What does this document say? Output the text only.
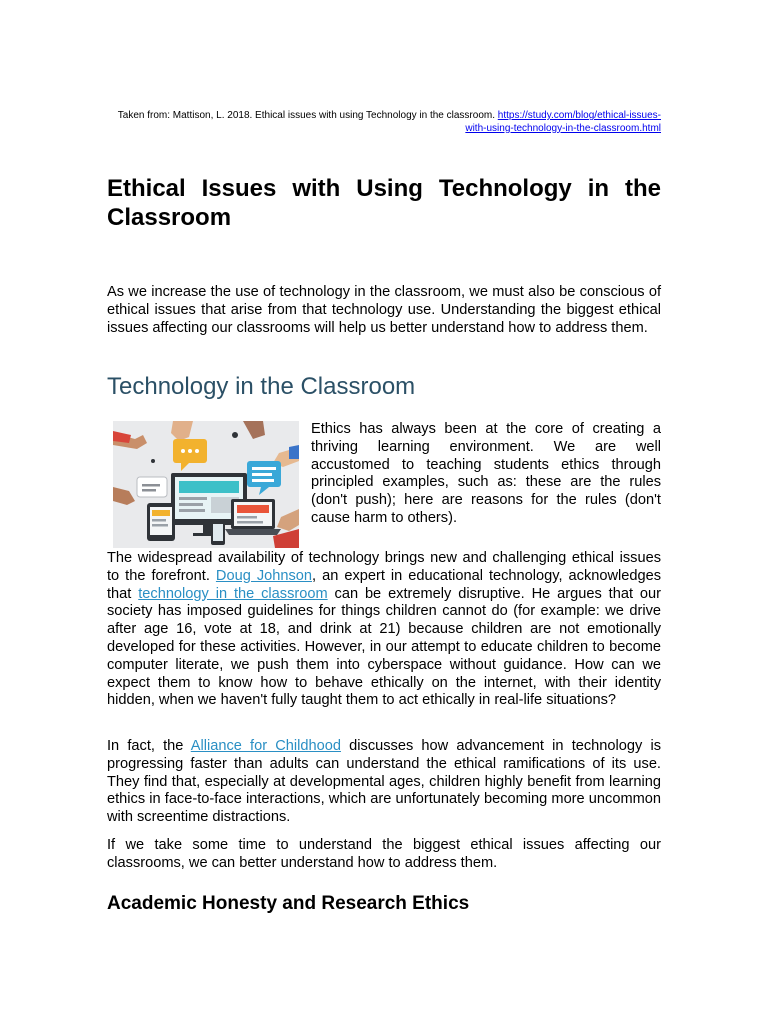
Taken from: Mattison, L. 2018. Ethical issues with using Technology in the classroom. https://study.com/blog/ethical-issues-with-using-technology-in-the-classroom.html
Ethical Issues with Using Technology in the Classroom

As we increase the use of technology in the classroom, we must also be conscious of ethical issues that arise from that technology use. Understanding the biggest ethical issues affecting our classrooms will help us better understand how to address them.

Technology in the Classroom

Ethics has always been at the core of creating a thriving learning environment. We are well accustomed to teaching students ethics through principled examples, such as: these are the rules (don't push); here are reasons for the rules (don't cause harm to others).

The widespread availability of technology brings new and challenging ethical issues to the forefront. Doug Johnson, an expert in educational technology, acknowledges that technology in the classroom can be extremely disruptive. He argues that our society has imposed guidelines for things children cannot do (for example: we drive after age 16, vote at 18, and drink at 21) because children are not emotionally developed for these activities. However, in our attempt to educate children to become computer literate, we push them into cyberspace without guidance. How can we expect them to know how to behave ethically on the internet, with their identity hidden, when we haven't fully taught them to act ethically in real-life situations?

In fact, the Alliance for Childhood discusses how advancement in technology is progressing faster than adults can understand the ethical ramifications of its use. They find that, especially at developmental ages, children highly benefit from learning ethics in face-to-face interactions, which are unfortunately becoming more uncommon with screentime distractions.

If we take some time to understand the biggest ethical issues affecting our classrooms, we can better understand how to address them.

Academic Honesty and Research Ethics
